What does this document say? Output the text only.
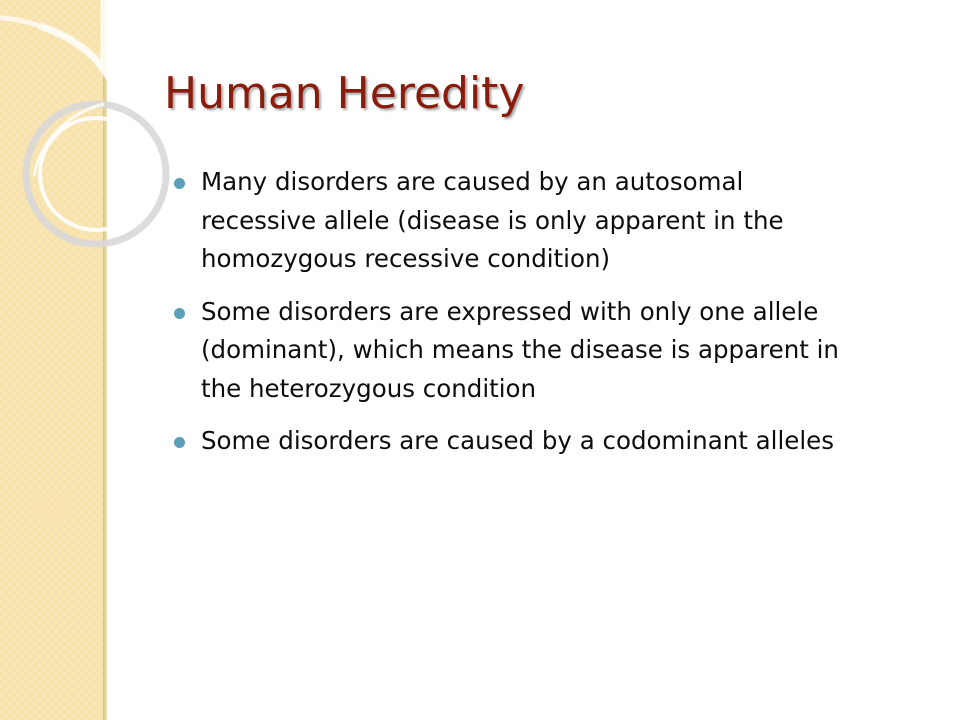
Human Heredity
Many disorders are caused by an autosomal recessive allele (disease is only apparent in the homozygous recessive condition)
Some disorders are expressed with only one allele (dominant), which means the disease is apparent in the heterozygous condition
Some disorders are caused by a codominant alleles
